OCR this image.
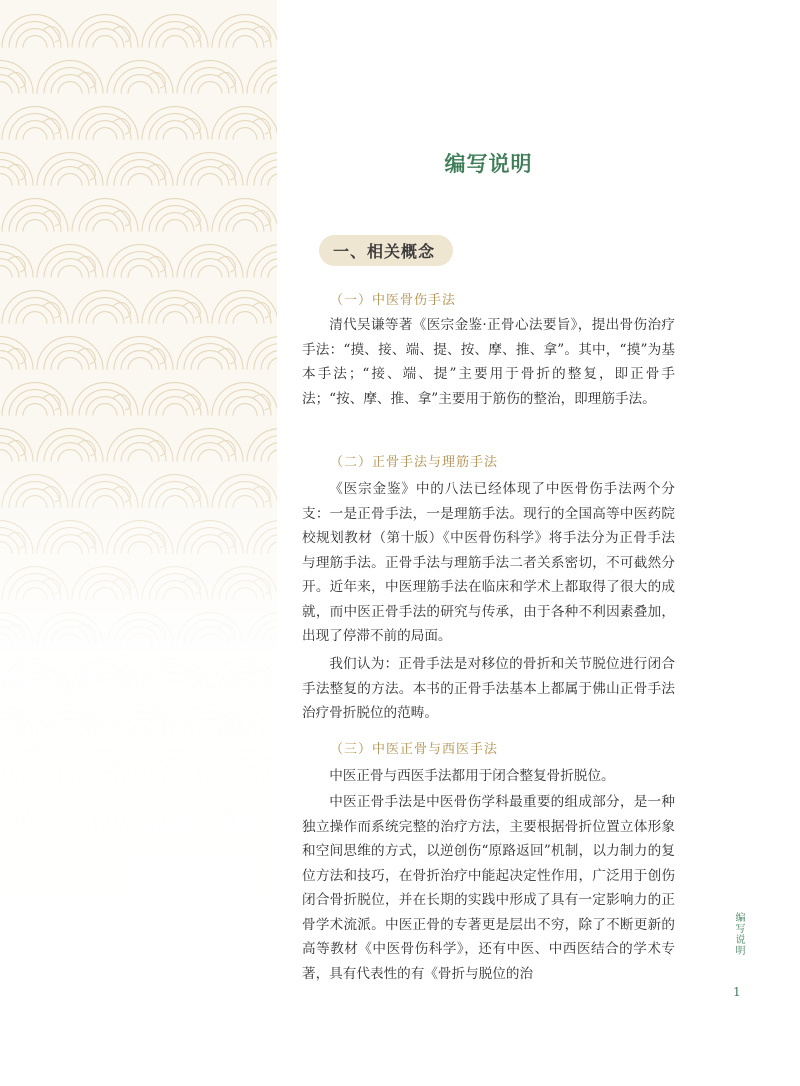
编写说明
一、相关概念
（一）中医骨伤手法
清代吴谦等著《医宗金鉴·正骨心法要旨》，提出骨伤治疗手法：“摸、接、端、提、按、摩、推、拿”。其中，“摸”为基本手法；“接、端、提”主要用于骨折的整复，即正骨手法；“按、摩、推、拿”主要用于筋伤的整治，即理筋手法。
（二）正骨手法与理筋手法
《医宗金鉴》中的八法已经体现了中医骨伤手法两个分支：一是正骨手法，一是理筋手法。现行的全国高等中医药院校规划教材（第十版）《中医骨伤科学》将手法分为正骨手法与理筋手法。正骨手法与理筋手法二者关系密切，不可截然分开。近年来，中医理筋手法在临床和学术上都取得了很大的成就，而中医正骨手法的研究与传承，由于各种不利因素叠加，出现了停滞不前的局面。
我们认为：正骨手法是对移位的骨折和关节脱位进行闭合手法整复的方法。本书的正骨手法基本上都属于佛山正骨手法治疗骨折脱位的范畴。
（三）中医正骨与西医手法
中医正骨与西医手法都用于闭合整复骨折脱位。
中医正骨手法是中医骨伤学科最重要的组成部分，是一种独立操作而系统完整的治疗方法，主要根据骨折位置立体形象和空间思维的方式，以逆创伤“原路返回”机制，以力制力的复位方法和技巧，在骨折治疗中能起决定性作用，广泛用于创伤闭合骨折脱位，并在长期的实践中形成了具有一定影响力的正骨学术流派。中医正骨的专著更是层出不穷，除了不断更新的高等教材《中医骨伤科学》，还有中医、中西医结合的学术专著，具有代表性的有《骨折与脱位的治
编写说明
1
